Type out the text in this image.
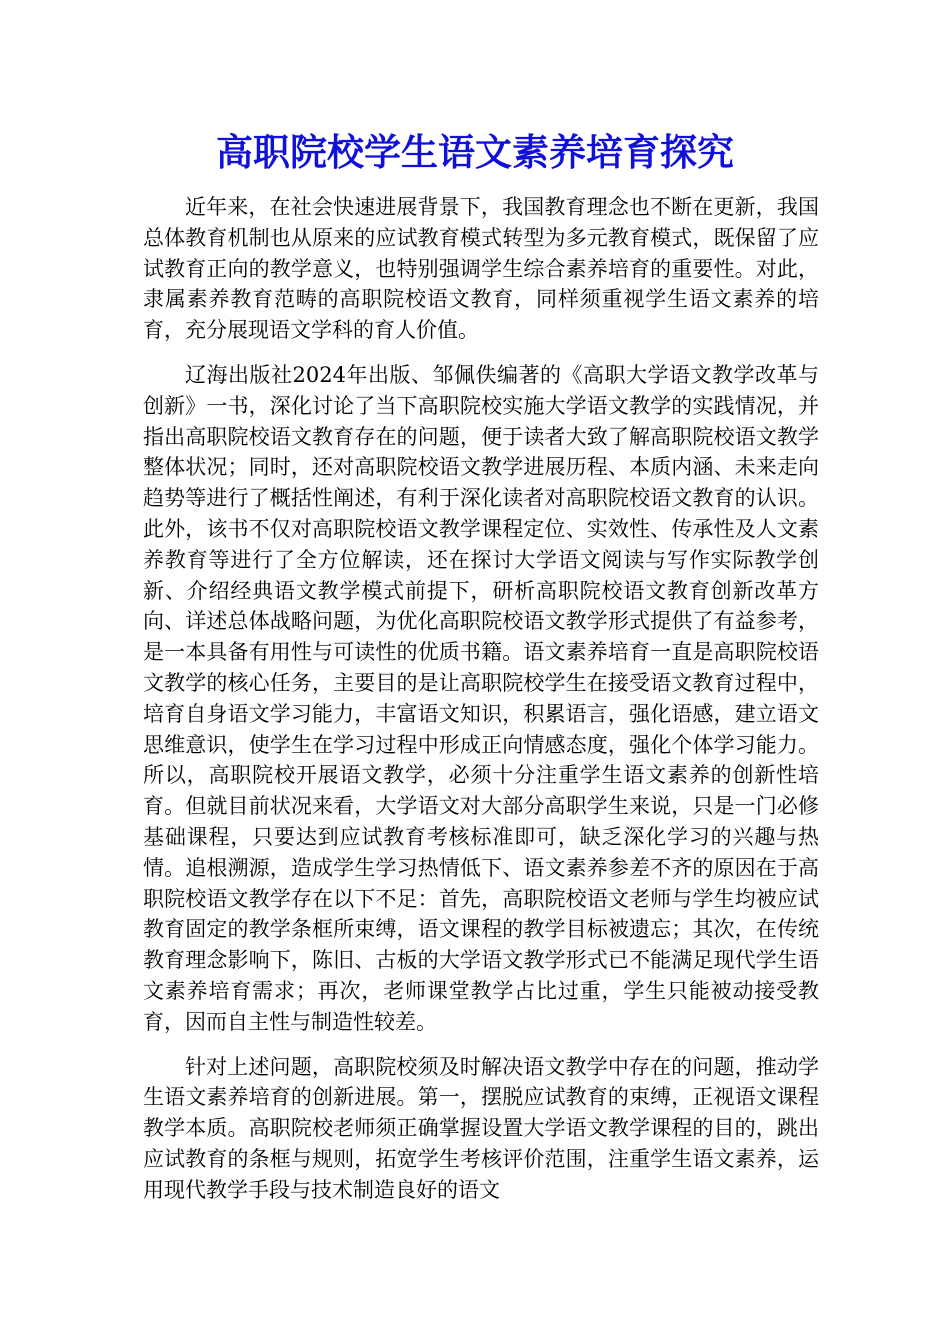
高职院校学生语文素养培育探究

近年来，在社会快速进展背景下，我国教育理念也不断在更新，我国总体教育机制也从原来的应试教育模式转型为多元教育模式，既保留了应试教育正向的教学意义，也特别强调学生综合素养培育的重要性。对此，隶属素养教育范畴的高职院校语文教育，同样须重视学生语文素养的培育，充分展现语文学科的育人价值。

辽海出版社2024年出版、邹佩佚编著的《高职大学语文教学改革与创新》一书，深化讨论了当下高职院校实施大学语文教学的实践情况，并指出高职院校语文教育存在的问题，便于读者大致了解高职院校语文教学整体状况；同时，还对高职院校语文教学进展历程、本质内涵、未来走向趋势等进行了概括性阐述，有利于深化读者对高职院校语文教育的认识。此外，该书不仅对高职院校语文教学课程定位、实效性、传承性及人文素养教育等进行了全方位解读，还在探讨大学语文阅读与写作实际教学创新、介绍经典语文教学模式前提下，研析高职院校语文教育创新改革方向、详述总体战略问题，为优化高职院校语文教学形式提供了有益参考，是一本具备有用性与可读性的优质书籍。语文素养培育一直是高职院校语文教学的核心任务，主要目的是让高职院校学生在接受语文教育过程中，培育自身语文学习能力，丰富语文知识，积累语言，强化语感，建立语文思维意识，使学生在学习过程中形成正向情感态度，强化个体学习能力。所以，高职院校开展语文教学，必须十分注重学生语文素养的创新性培育。但就目前状况来看，大学语文对大部分高职学生来说，只是一门必修基础课程，只要达到应试教育考核标准即可，缺乏深化学习的兴趣与热情。追根溯源，造成学生学习热情低下、语文素养参差不齐的原因在于高职院校语文教学存在以下不足：首先，高职院校语文老师与学生均被应试教育固定的教学条框所束缚，语文课程的教学目标被遗忘；其次，在传统教育理念影响下，陈旧、古板的大学语文教学形式已不能满足现代学生语文素养培育需求；再次，老师课堂教学占比过重，学生只能被动接受教育，因而自主性与制造性较差。

针对上述问题，高职院校须及时解决语文教学中存在的问题，推动学生语文素养培育的创新进展。第一，摆脱应试教育的束缚，正视语文课程教学本质。高职院校老师须正确掌握设置大学语文教学课程的目的，跳出应试教育的条框与规则，拓宽学生考核评价范围，注重学生语文素养，运用现代教学手段与技术制造良好的语文
